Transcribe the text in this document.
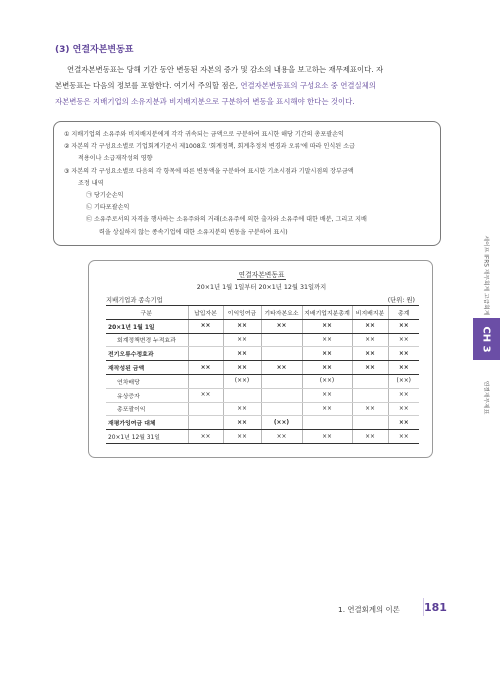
(3) 연결자본변동표
연결자본변동표는 당해 기간 동안 변동된 자본의 증가 및 감소의 내용을 보고하는 재무제표이다. 자
본변동표는 다음의 정보를 포함한다. 여기서 주의할 점은, 연결자본변동표의 구성요소 중 연결실체의
자본변동은 지배기업의 소유지분과 비지배지분으로 구분하여 변동을 표시해야 한다는 것이다.
① 지배기업의 소유주와 비지배지분에게 각각 귀속되는 금액으로 구분하여 표시한 해당 기간의 총포괄손익
② 자본의 각 구성요소별로 기업회계기준서 제1008호 '회계정책, 회계추정치 변경과 오류'에 따라 인식된 소급
적용이나 소급재작성의 영향
③ 자본의 각 구성요소별로 다음의 각 항목에 따른 변동액을 구분하여 표시한 기초시점과 기말시점의 장부금액
조정 내역
㉠ 당기순손익
㉡ 기타포괄손익
㉢ 소유주로서의 자격을 행사하는 소유주와의 거래(소유주에 의한 출자와 소유주에 대한 배분, 그리고 지배
력을 상실하지 않는 종속기업에 대한 소유지분의 변동을 구분하여 표시)
연결자본변동표
20×1년 1월 1일부터 20×1년 12월 31일까지
지배기업과 종속기업	(단위: 원)
구분	납입자본	이익잉여금	기타자본요소	지배기업지분총계	비지배지분	총계
20×1년 1월 1일	××	××	××	××	××	××
회계정책변경 누적효과		××		××	××	××
전기오류수정효과		××		××	××	××
재작성된 금액	××	××	××	××	××	××
연차배당		(××)		(××)		(××)
유상증자	××			××		××
총포괄이익		××		××	××	××
재평가잉여금 대체		××	(××)			××
20×1년 12월 31일	××	××	××	××	××	××
세이프 IFRS 재무회계 고급회계
CH 3
연결재무제표
1. 연결회계의 이론 181
